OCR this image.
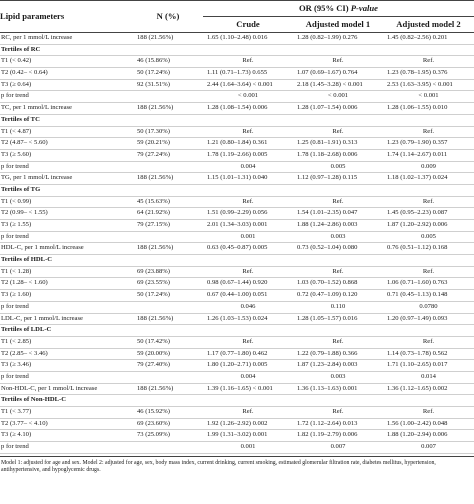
Lipid parameters	N (%)	OR (95% CI) P-value		
		Crude	Adjusted model 1	Adjusted model 2
RC, per 1 mmol/L increase	188 (21.56%)	1.65 (1.10–2.48) 0.016	1.28 (0.82–1.99) 0.276	1.45 (0.82–2.56) 0.201
Tertiles of RC				
T1 (< 0.42)	46 (15.86%)	Ref.	Ref.	Ref.
T2 (0.42– < 0.64)	50 (17.24%)	1.11 (0.71–1.73) 0.655	1.07 (0.69–1.67) 0.764	1.23 (0.78–1.95) 0.376
T3 (≥ 0.64)	92 (31.51%)	2.44 (1.64–3.64) < 0.001	2.18 (1.45–3.28) < 0.001	2.53 (1.63–3.95) < 0.001
p for trend		< 0.001	< 0.001	< 0.001
TC, per 1 mmol/L increase	188 (21.56%)	1.28 (1.08–1.54) 0.006	1.28 (1.07–1.54) 0.006	1.28 (1.06–1.55) 0.010
Tertiles of TC				
T1 (< 4.87)	50 (17.30%)	Ref.	Ref.	Ref.
T2 (4.87– < 5.60)	59 (20.21%)	1.21 (0.80–1.84) 0.361	1.25 (0.81–1.91) 0.313	1.23 (0.79–1.90) 0.357
T3 (≥ 5.60)	79 (27.24%)	1.78 (1.19–2.66) 0.005	1.78 (1.18–2.68) 0.006	1.74 (1.14–2.67) 0.011
p for trend		0.004	0.005	0.009
TG, per 1 mmol/L increase	188 (21.56%)	1.15 (1.01–1.31) 0.040	1.12 (0.97–1.28) 0.115	1.18 (1.02–1.37) 0.024
Tertiles of TG				
T1 (< 0.99)	45 (15.63%)	Ref.	Ref.	Ref.
T2 (0.99– < 1.55)	64 (21.92%)	1.51 (0.99–2.29) 0.056	1.54 (1.01–2.35) 0.047	1.45 (0.95–2.23) 0.087
T3 (≥ 1.55)	79 (27.15%)	2.01 (1.34–3.03) 0.001	1.88 (1.24–2.86) 0.003	1.87 (1.20–2.92) 0.006
p for trend		0.001	0.003	0.005
HDL-C, per 1 mmol/L increase	188 (21.56%)	0.63 (0.45–0.87) 0.005	0.73 (0.52–1.04) 0.080	0.76 (0.51–1.12) 0.168
Tertiles of HDL-C				
T1 (< 1.28)	69 (23.88%)	Ref.	Ref.	Ref.
T2 (1.28– < 1.60)	69 (23.55%)	0.98 (0.67–1.44) 0.920	1.03 (0.70–1.52) 0.868	1.06 (0.71–1.60) 0.763
T3 (≥ 1.60)	50 (17.24%)	0.67 (0.44–1.00) 0.051	0.72 (0.47–1.09) 0.120	0.71 (0.45–1.13) 0.148
p for trend		0.046	0.110	0.0780
LDL-C, per 1 mmol/L increase	188 (21.56%)	1.26 (1.03–1.53) 0.024	1.28 (1.05–1.57) 0.016	1.20 (0.97–1.49) 0.093
Tertiles of LDL-C				
T1 (< 2.85)	50 (17.42%)	Ref.	Ref.	Ref.
T2 (2.85– < 3.46)	59 (20.00%)	1.17 (0.77–1.80) 0.462	1.22 (0.79–1.88) 0.366	1.14 (0.73–1.78) 0.562
T3 (≥ 3.46)	79 (27.40%)	1.80 (1.20–2.71) 0.005	1.87 (1.23–2.84) 0.003	1.71 (1.10–2.65) 0.017
p for trend		0.004	0.003	0.014
Non-HDL-C, per 1 mmol/L increase	188 (21.56%)	1.39 (1.16–1.65) < 0.001	1.36 (1.13–1.63) 0.001	1.36 (1.12–1.65) 0.002
Tertiles of Non-HDL-C				
T1 (< 3.77)	46 (15.92%)	Ref.	Ref.	Ref.
T2 (3.77– < 4.10)	69 (23.60%)	1.92 (1.26–2.92) 0.002	1.72 (1.12–2.64) 0.013	1.56 (1.00–2.42) 0.048
T3 (≥ 4.10)	73 (25.09%)	1.99 (1.31–3.02) 0.001	1.82 (1.19–2.79) 0.006	1.88 (1.20–2.94) 0.006
p for trend		0.001	0.007	0.007
Model 1: adjusted for age and sex. Model 2: adjusted for age, sex, body mass index, current drinking, current smoking, estimated glomerular filtration rate, diabetes mellitus, hypertension, antihypertensive, and hypoglycemic drugs.
